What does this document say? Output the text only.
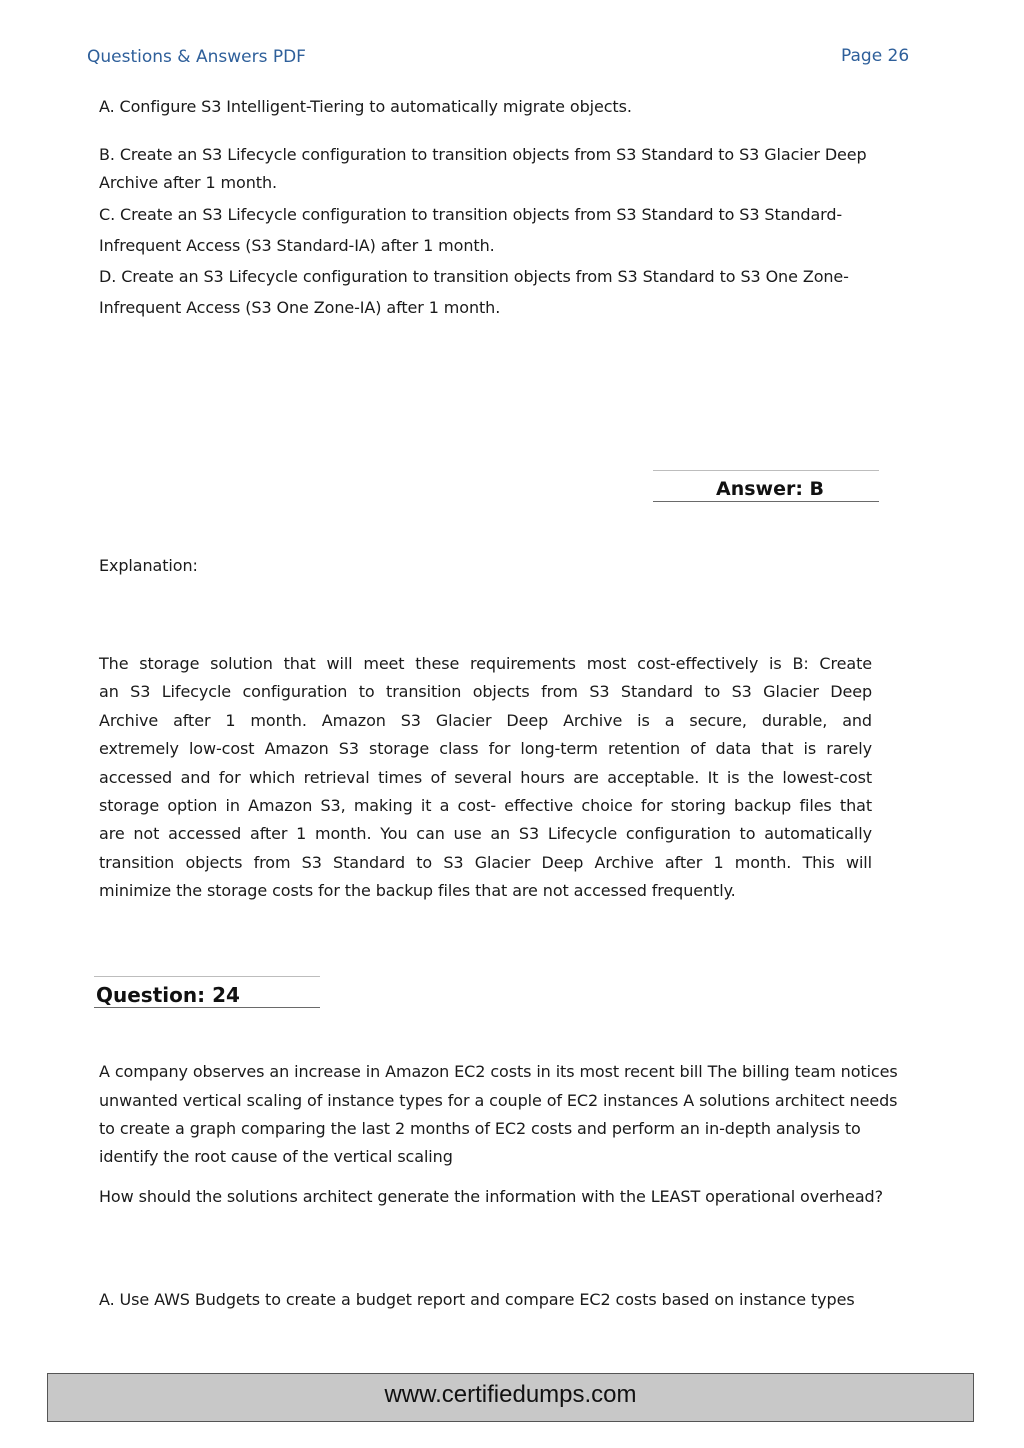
Questions & Answers PDF	Page 26
A. Configure S3 Intelligent-Tiering to automatically migrate objects.
B. Create an S3 Lifecycle configuration to transition objects from S3 Standard to S3 Glacier Deep
Archive after 1 month.
C. Create an S3 Lifecycle configuration to transition objects from S3 Standard to S3 Standard-
Infrequent Access (S3 Standard-IA) after 1 month.
D. Create an S3 Lifecycle configuration to transition objects from S3 Standard to S3 One Zone-
Infrequent Access (S3 One Zone-IA) after 1 month.
Answer: B
Explanation:
The storage solution that will meet these requirements most cost-effectively is B: Create
an S3 Lifecycle configuration to transition objects from S3 Standard to S3 Glacier Deep
Archive after 1 month. Amazon S3 Glacier Deep Archive is a secure, durable, and
extremely low-cost Amazon S3 storage class for long-term retention of data that is rarely
accessed and for which retrieval times of several hours are acceptable. It is the lowest-cost
storage option in Amazon S3, making it a cost- effective choice for storing backup files that
are not accessed after 1 month. You can use an S3 Lifecycle configuration to automatically
transition objects from S3 Standard to S3 Glacier Deep Archive after 1 month. This will
minimize the storage costs for the backup files that are not accessed frequently.
Question: 24
A company observes an increase in Amazon EC2 costs in its most recent bill The billing team notices
unwanted vertical scaling of instance types for a couple of EC2 instances A solutions architect needs
to create a graph comparing the last 2 months of EC2 costs and perform an in-depth analysis to
identify the root cause of the vertical scaling
How should the solutions architect generate the information with the LEAST operational overhead?
A. Use AWS Budgets to create a budget report and compare EC2 costs based on instance types
www.certifiedumps.com
